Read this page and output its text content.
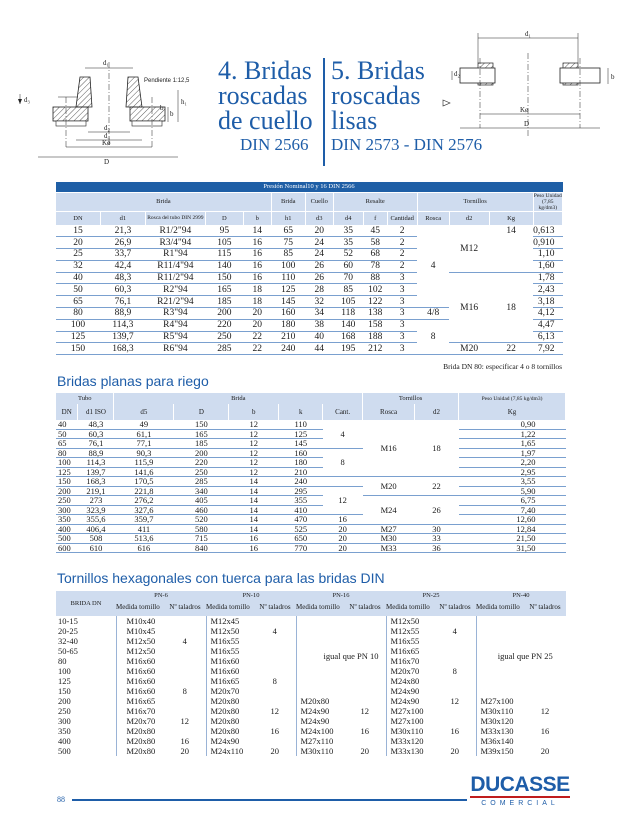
d₁
d₃
Pendiente 1:12,5
h₁
b
b
d₂
d₄
Kø
D
4. Bridas
roscadas
de cuello
DIN 2566
5. Bridas
roscadas
lisas
DIN 2573 - DIN 2576
d₂
d₁
b
Kø
D
Presión Nominal10 y 16 DIN 2566													
Brida					Brida	Cuello	Resalte			Tornillos			Peso Unidad (7,85 kg/dm3)
DN	d1	Rosca del tubo DIN 2999	D	b	h1	d3	d4	f	Cantidad	Rosca	d2	Kg	
15	21,3	R1/2"94	95	14	65	20	35	45	2	4	M12	14	0,613
20	26,9	R3/4"94	105	16	75	24	35	58	2				0,910
25	33,7	R1"94	115	16	85	24	52	68	2				1,10
32	42,4	R11/4"94	140	16	100	26	60	78	2				1,60
40	48,3	R11/2"94	150	16	110	26	70	88	3		M16	18	1,78
50	60,3	R2"94	165	18	125	28	85	102	3				2,43
65	76,1	R21/2"94	185	18	145	32	105	122	3				3,18
80	88,9	R3"94	200	20	160	34	118	138	3	4/8			4,12
100	114,3	R4"94	220	20	180	38	140	158	3	8			4,47
125	139,7	R5"94	250	22	210	40	168	188	3				6,13
150	168,3	R6"94	285	22	240	44	195	212	3		M20	22	7,92
Brida DN 80: especificar 4 o 8 tornillos
Bridas planas para riego
Tubo		Brida					Tornillos		Peso Unidad (7,85 kg/dm3)
DN	d1 ISO	d5	D	b	k	Cant.	Rosca	d2	Kg
40	48,3	49	150	12	110	4	M16	18	0,90
50	60,3	61,1	165	12	125				1,22
65	76,1	77,1	185	12	145				1,65
80	88,9	90,3	200	12	160	8			1,97
100	114,3	115,9	220	12	180				2,20
125	139,7	141,6	250	12	210				2,95
150	168,3	170,5	285	14	240		M20	22	3,55
200	219,1	221,8	340	14	295	12			5,90
250	273	276,2	405	14	355		M24	26	6,75
300	323,9	327,6	460	14	410				7,40
350	355,6	359,7	520	14	470	16			12,60
400	406,4	411	580	14	525	20	M27	30	12,84
500	508	513,6	715	16	650	20	M30	33	21,50
600	610	616	840	16	770	20	M33	36	31,50
Tornillos hexagonales con tuerca para las bridas DIN
BRIDA DN	PN-6		PN-10		PN-16		PN-25		PN-40	
	Medida tornillo	Nº taladros	Medida tornillo	Nº taladros	Medida tornillo	Nº taladros	Medida tornillo	Nº taladros	Medida tornillo	Nº taladros
10-15	M10x40		M12x45		igual que PN 10		M12x50		igual que PN 25	
20-25	M10x45		M12x50	4			M12x55	4		
32-40	M12x50	4	M16x55				M16x55			
50-65	M12x50		M16x55				M16x65			
80	M16x60		M16x60				M16x70			
100	M16x60		M16x60				M20x70	8		
125	M16x60		M16x65	8			M24x80			
150	M16x60	8	M20x70				M24x90			
200	M16x65		M20x80		M20x80		M24x90	12	M27x100	
250	M16x70		M20x80	12	M24x90	12	M27x100		M30x110	12
300	M20x70	12	M20x80		M24x90		M27x100		M30x120	
350	M20x80		M20x80	16	M24x100	16	M30x110	16	M33x130	16
400	M20x80	16	M24x90		M27x110		M33x120		M36x140	
500	M20x80	20	M24x110	20	M30x110	20	M33x130	20	M39x150	20
88
DUCASSE
COMERCIAL
